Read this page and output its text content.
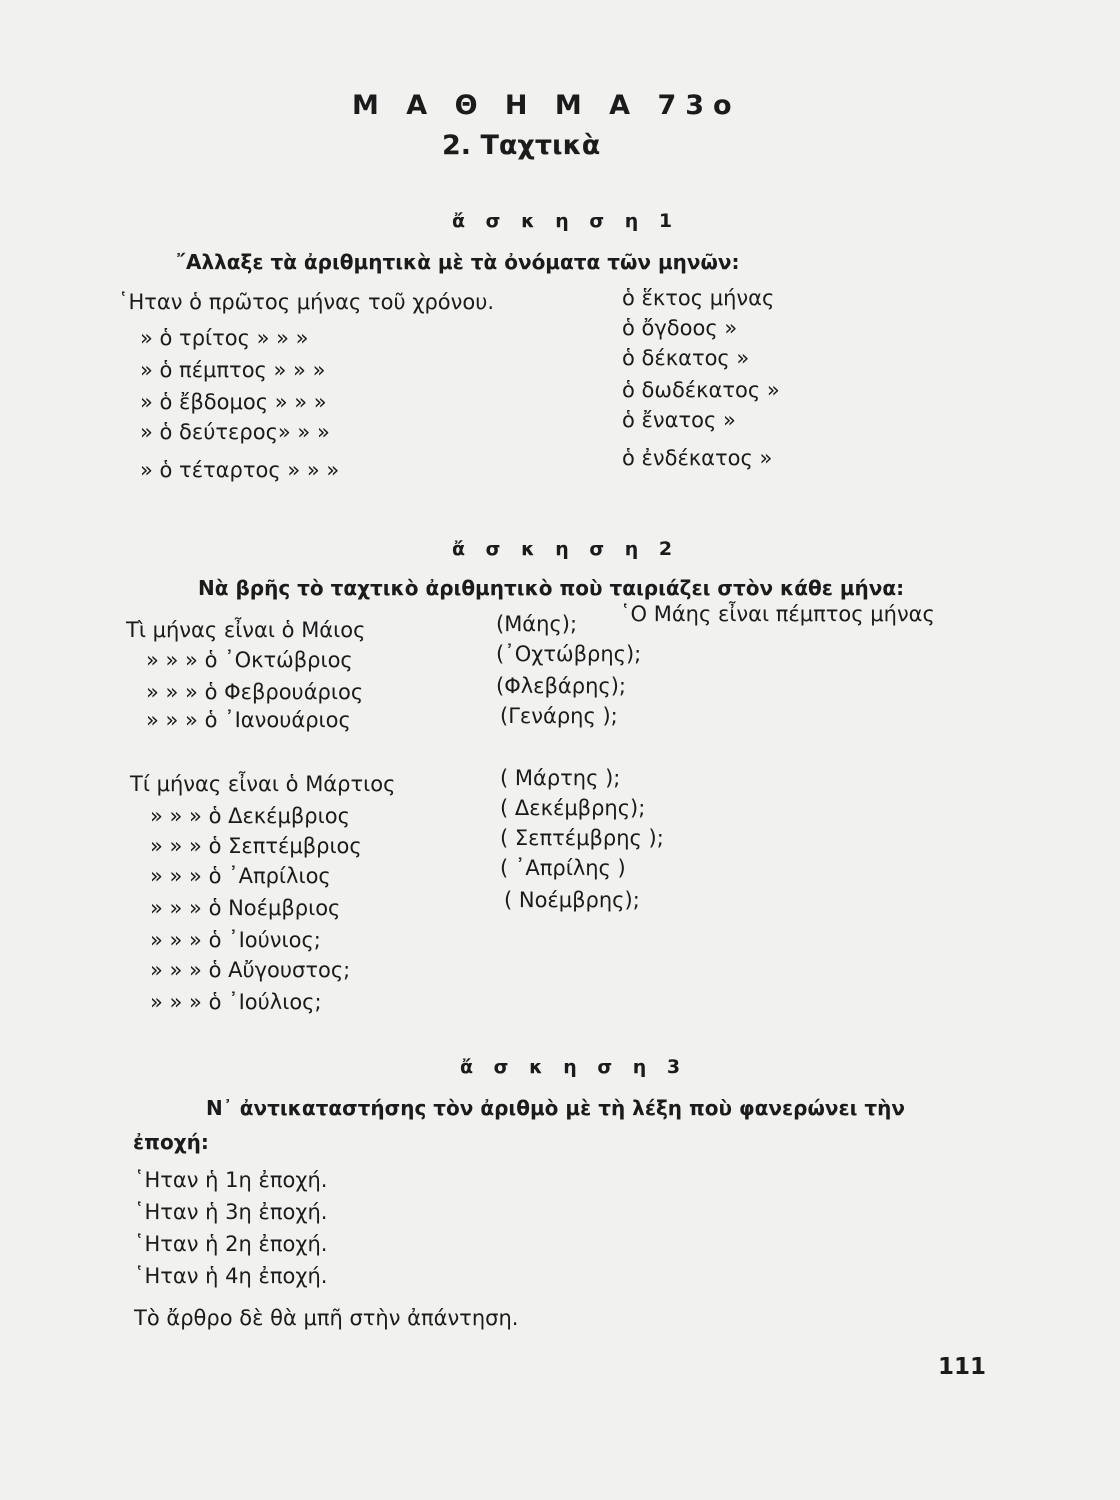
Μ Α Θ Η Μ Α 73ο
2. Ταχτικὰ
ἄ σ κ η σ η 1
῎Αλλαξε τὰ ἀριθμητικὰ μὲ τὰ ὀνόματα τῶν μηνῶν:
῾Ηταν ὁ πρῶτος μήνας τοῦ χρόνου.
» ὁ τρίτος » » »
» ὁ πέμπτος » » »
» ὁ ἔβδομος » » »
» ὁ δεύτερος» » »
» ὁ τέταρτος » » »
ὁ ἕκτος μήνας
ὁ ὄγδοος »
ὁ δέκατος »
ὁ δωδέκατος »
ὁ ἔνατος »
ὁ ἐνδέκατος »
ἄ σ κ η σ η 2
Νὰ βρῆς τὸ ταχτικὸ ἀριθμητικὸ ποὺ ταιριάζει στὸν κάθε μήνα:
Τὶ μήνας εἶναι ὁ Μάιος	(Μάης); ῾Ο Μάης εἶναι πέμπτος μήνας
» » » ὁ ᾿Οκτώβριος	(᾿Οχτώβρης);
» » » ὁ Φεβρουάριος	(Φλεβάρης);
» » » ὁ ᾿Ιανουάριος	(Γενάρης );
Τί μήνας εἶναι ὁ Μάρτιος	( Μάρτης );
» » » ὁ Δεκέμβριος	( Δεκέμβρης);
» » » ὁ Σεπτέμβριος	( Σεπτέμβρης );
» » » ὁ ᾿Απρίλιος	( ᾿Απρίλης )
» » » ὁ Νοέμβριος	( Νοέμβρης);
» » » ὁ ᾿Ιούνιος;
» » » ὁ Αὔγουστος;
» » » ὁ ᾿Ιούλιος;
ἄ σ κ η σ η 3
Ν᾿ ἀντικαταστήσης τὸν ἀριθμὸ μὲ τὴ λέξη ποὺ φανερώνει τὴν
ἐποχή:
῾Ηταν ἡ 1η ἐποχή.
῾Ηταν ἡ 3η ἐποχή.
῾Ηταν ἡ 2η ἐποχή.
῾Ηταν ἡ 4η ἐποχή.
Τὸ ἄρθρο δὲ θὰ μπῆ στὴν ἀπάντηση.
111
